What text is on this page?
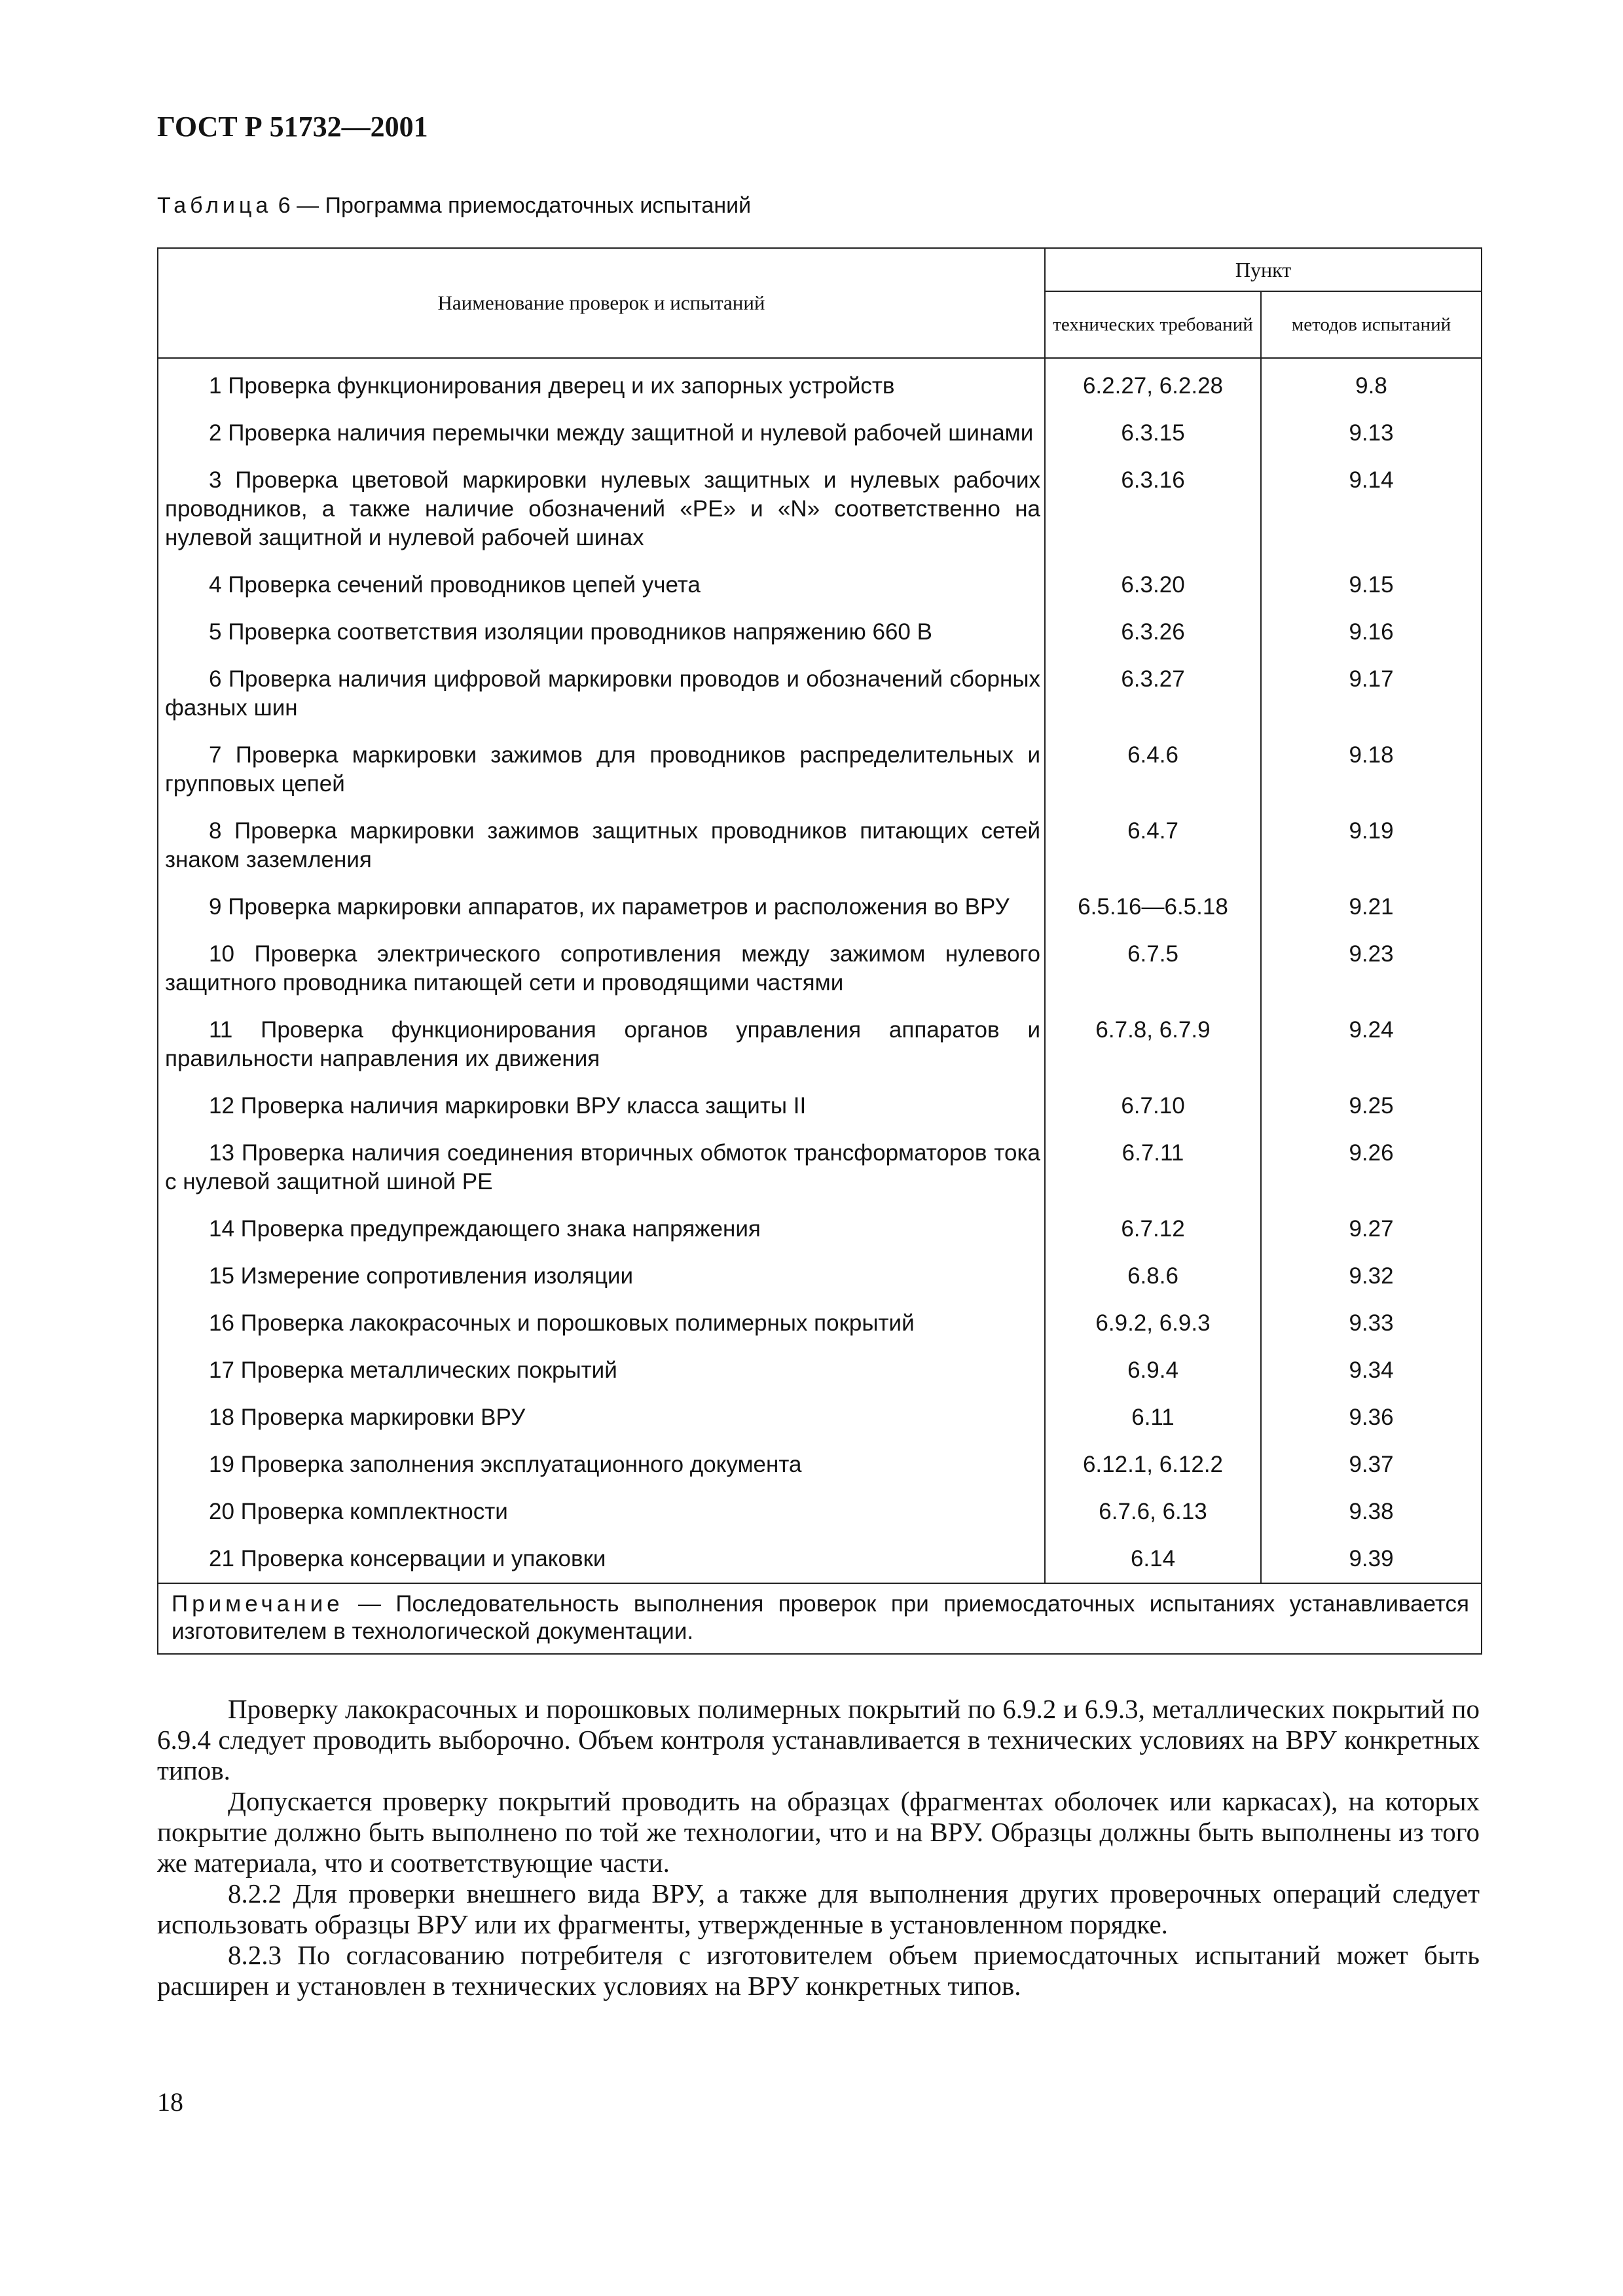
ГОСТ Р 51732—2001
Таблица 6 — Программа приемосдаточных испытаний
Наименование проверок и испытаний	Пункт	
	технических требований	методов испытаний
1 Проверка функционирования дверец и их запорных устройств	6.2.27, 6.2.28	9.8
2 Проверка наличия перемычки между защитной и нулевой рабочей шинами	6.3.15	9.13
3 Проверка цветовой маркировки нулевых защитных и нулевых рабочих проводников, а также наличие обозначений «PE» и «N» соответственно на нулевой защитной и нулевой рабочей шинах	6.3.16	9.14
4 Проверка сечений проводников цепей учета	6.3.20	9.15
5 Проверка соответствия изоляции проводников напряжению 660 В	6.3.26	9.16
6 Проверка наличия цифровой маркировки проводов и обозначений сборных фазных шин	6.3.27	9.17
7 Проверка маркировки зажимов для проводников распределительных и групповых цепей	6.4.6	9.18
8 Проверка маркировки зажимов защитных проводников питающих сетей знаком заземления	6.4.7	9.19
9 Проверка маркировки аппаратов, их параметров и расположения во ВРУ	6.5.16—6.5.18	9.21
10 Проверка электрического сопротивления между зажимом нулевого защитного проводника питающей сети и проводящими частями	6.7.5	9.23
11 Проверка функционирования органов управления аппаратов и правильности направления их движения	6.7.8, 6.7.9	9.24
12 Проверка наличия маркировки ВРУ класса защиты II	6.7.10	9.25
13 Проверка наличия соединения вторичных обмоток трансформаторов тока с нулевой защитной шиной PE	6.7.11	9.26
14 Проверка предупреждающего знака напряжения	6.7.12	9.27
15 Измерение сопротивления изоляции	6.8.6	9.32
16 Проверка лакокрасочных и порошковых полимерных покрытий	6.9.2, 6.9.3	9.33
17 Проверка металлических покрытий	6.9.4	9.34
18 Проверка маркировки ВРУ	6.11	9.36
19 Проверка заполнения эксплуатационного документа	6.12.1, 6.12.2	9.37
20 Проверка комплектности	6.7.6, 6.13	9.38
21 Проверка консервации и упаковки	6.14	9.39
Примечание — Последовательность выполнения проверок при приемосдаточных испытаниях устанавливается изготовителем в технологической документации.		

Проверку лакокрасочных и порошковых полимерных покрытий по 6.9.2 и 6.9.3, металлических покрытий по 6.9.4 следует проводить выборочно. Объем контроля устанавливается в технических условиях на ВРУ конкретных типов.

Допускается проверку покрытий проводить на образцах (фрагментах оболочек или каркасах), на которых покрытие должно быть выполнено по той же технологии, что и на ВРУ. Образцы должны быть выполнены из того же материала, что и соответствующие части.

8.2.2 Для проверки внешнего вида ВРУ, а также для выполнения других проверочных операций следует использовать образцы ВРУ или их фрагменты, утвержденные в установленном порядке.

8.2.3 По согласованию потребителя с изготовителем объем приемосдаточных испытаний может быть расширен и установлен в технических условиях на ВРУ конкретных типов.

18
